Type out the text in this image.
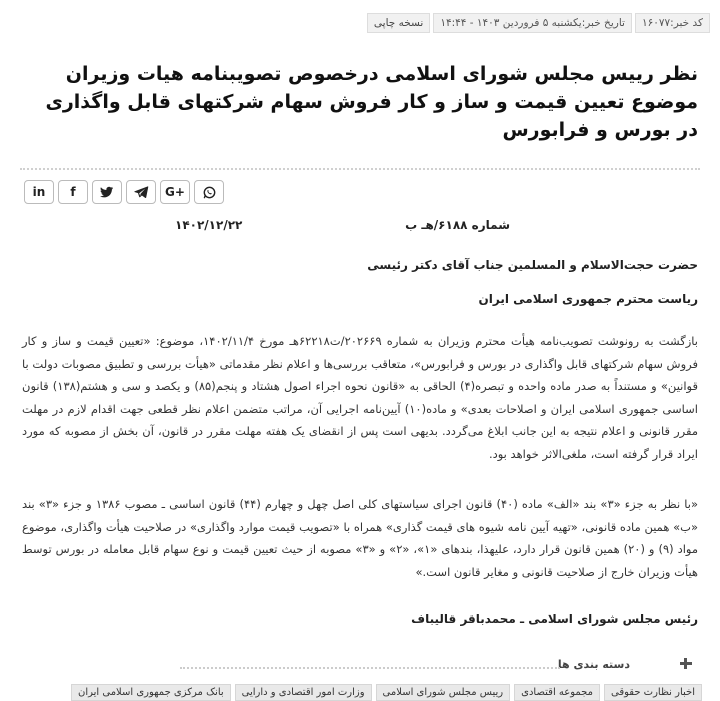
کد خبر:۱۶۰۷۷
تاریخ خبر:یکشنبه ۵ فروردین ۱۴۰۳ - ۱۴:۴۴
نسخه چاپی
نظر رییس مجلس شورای اسلامی درخصوص تصویبنامه هیات وزیران موضوع تعیین قیمت و ساز و کار فروش سهام شرکتهای قابل واگذاری در بورس و فرابورس
in	f	G+
شماره ۶۱۸۸/هـ ب
۱۴۰۲/۱۲/۲۲
حضرت حجت‌الاسلام و المسلمین جناب آقای دکتر رئیسی
ریاست محترم جمهوری اسلامی ایران
بازگشت به رونوشت تصویب‌نامه هیأت محترم وزیران به شماره ۲۰۲۶۶۹/ت۶۲۲۱۸هـ مورخ ۱۴۰۲/۱۱/۴، موضوع: «تعیین قیمت و ساز و کار فروش سهام شرکتهای قابل واگذاری در بورس و فرابورس»، متعاقب بررسی‌ها و اعلام نظر مقدماتی «هیأت بررسی و تطبیق مصوبات دولت با قوانین» و مستنداً به صدر ماده واحده و تبصره(۴) الحاقی به «قانون نحوه اجراء اصول هشتاد و پنجم(۸۵) و یکصد و سی و هشتم(۱۳۸) قانون اساسی جمهوری اسلامی ایران و اصلاحات بعدی» و ماده(۱۰) آیین‌نامه اجرایی آن، مراتب متضمن اعلام نظر قطعی جهت اقدام لازم در مهلت مقرر قانونی و اعلام نتیجه به این جانب ابلاغ می‌گردد. بدیهی است پس از انقضای یک هفته مهلت مقرر در قانون، آن بخش از مصوبه که مورد ایراد قرار گرفته است، ملغی‌الاثر خواهد بود.
«با نظر به جزء «۳» بند «الف» ماده (۴۰) قانون اجرای سیاستهای کلی اصل چهل و چهارم (۴۴) قانون اساسی ـ مصوب ۱۳۸۶ و جزء «۳» بند «ب» همین ماده قانونی، «تهیه آیین نامه شیوه های قیمت گذاری» همراه با «تصویب قیمت موارد واگذاری» در صلاحیت هیأت واگذاری، موضوع مواد (۹) و (۲۰) همین قانون قرار دارد، علیهذا، بندهای «۱»، «۲» و «۳» مصوبه از حیث تعیین قیمت و نوع سهام قابل معامله در بورس توسط هیأت وزیران خارج از صلاحیت قانونی و مغایر قانون است.»
رئیس مجلس شورای اسلامی ـ محمدباقر قالیباف
دسته بندی ها
اخبار نظارت حقوقی
مجموعه اقتصادی
رییس مجلس شورای اسلامی
وزارت امور اقتصادی و دارایی
بانک مرکزی جمهوری اسلامی ایران
